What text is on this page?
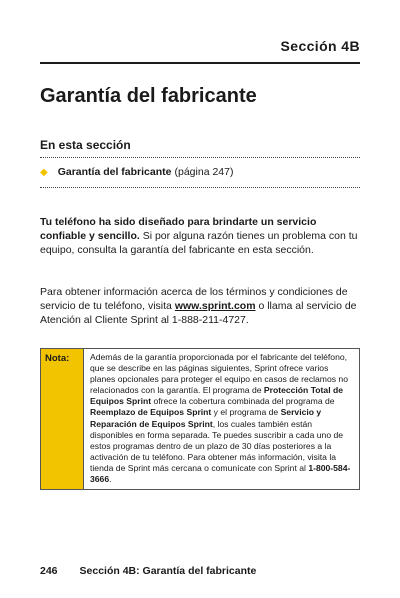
Sección 4B
Garantía del fabricante
En esta sección
◆ Garantía del fabricante (página 247)

Tu teléfono ha sido diseñado para brindarte un servicio confiable y sencillo. Si por alguna razón tienes un problema con tu equipo, consulta la garantía del fabricante en esta sección.

Para obtener información acerca de los términos y condiciones de servicio de tu teléfono, visita www.sprint.com o llama al servicio de Atención al Cliente Sprint al 1-888-211-4727.

Nota:	Además de la garantía proporcionada por el fabricante del teléfono, que se describe en las páginas siguientes, Sprint ofrece varios planes opcionales para proteger el equipo en casos de reclamos no relacionados con la garantía. El programa de Protección Total de Equipos Sprint ofrece la cobertura combinada del programa de Reemplazo de Equipos Sprint y el programa de Servicio y Reparación de Equipos Sprint, los cuales también están disponibles en forma separada. Te puedes suscribir a cada uno de estos programas dentro de un plazo de 30 días posteriores a la activación de tu teléfono. Para obtener más información, visita la tienda de Sprint más cercana o comunícate con Sprint al 1-800-584-3666.
246 Sección 4B: Garantía del fabricante
